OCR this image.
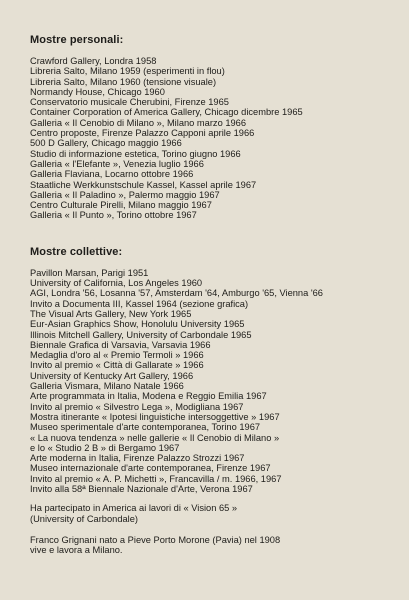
Mostre personali:
Crawford Gallery, Londra 1958
Libreria Salto, Milano 1959 (esperimenti in flou)
Libreria Salto, Milano 1960 (tensione visuale)
Normandy House, Chicago 1960
Conservatorio musicale Cherubini, Firenze 1965
Container Corporation of America Gallery, Chicago dicembre 1965
Galleria « Il Cenobio di Milano », Milano marzo 1966
Centro proposte, Firenze Palazzo Capponi aprile 1966
500 D Gallery, Chicago maggio 1966
Studio di informazione estetica, Torino giugno 1966
Galleria « l'Elefante », Venezia luglio 1966
Galleria Flaviana, Locarno ottobre 1966
Staatliche Werkkunstschule Kassel, Kassel aprile 1967
Galleria « Il Paladino », Palermo maggio 1967
Centro Culturale Pirelli, Milano maggio 1967
Galleria « Il Punto », Torino ottobre 1967
Mostre collettive:
Pavillon Marsan, Parigi 1951
University of California, Los Angeles 1960
AGI, Londra '56, Losanna '57, Amsterdam '64, Amburgo '65, Vienna '66
Invito a Documenta III, Kassel 1964 (sezione grafica)
The Visual Arts Gallery, New York 1965
Eur-Asian Graphics Show, Honolulu University 1965
Illinois Mitchell Gallery, University of Carbondale 1965
Biennale Grafica di Varsavia, Varsavia 1966
Medaglia d'oro al « Premio Termoli » 1966
Invito al premio « Città di Gallarate » 1966
University of Kentucky Art Gallery, 1966
Galleria Vismara, Milano Natale 1966
Arte programmata in Italia, Modena e Reggio Emilia 1967
Invito al premio « Silvestro Lega », Modigliana 1967
Mostra itinerante « Ipotesi linguistiche intersoggettive » 1967
Museo sperimentale d'arte contemporanea, Torino 1967
« La nuova tendenza » nelle gallerie « Il Cenobio di Milano »
e lo « Studio 2 B » di Bergamo 1967
Arte moderna in Italia, Firenze Palazzo Strozzi 1967
Museo internazionale d'arte contemporanea, Firenze 1967
Invito al premio « A. P. Michetti », Francavilla / m. 1966, 1967
Invito alla 58ª Biennale Nazionale d'Arte, Verona 1967
Ha partecipato in America ai lavori di « Vision 65 »
(University of Carbondale)
Franco Grignani nato a Pieve Porto Morone (Pavia) nel 1908
vive e lavora a Milano.
